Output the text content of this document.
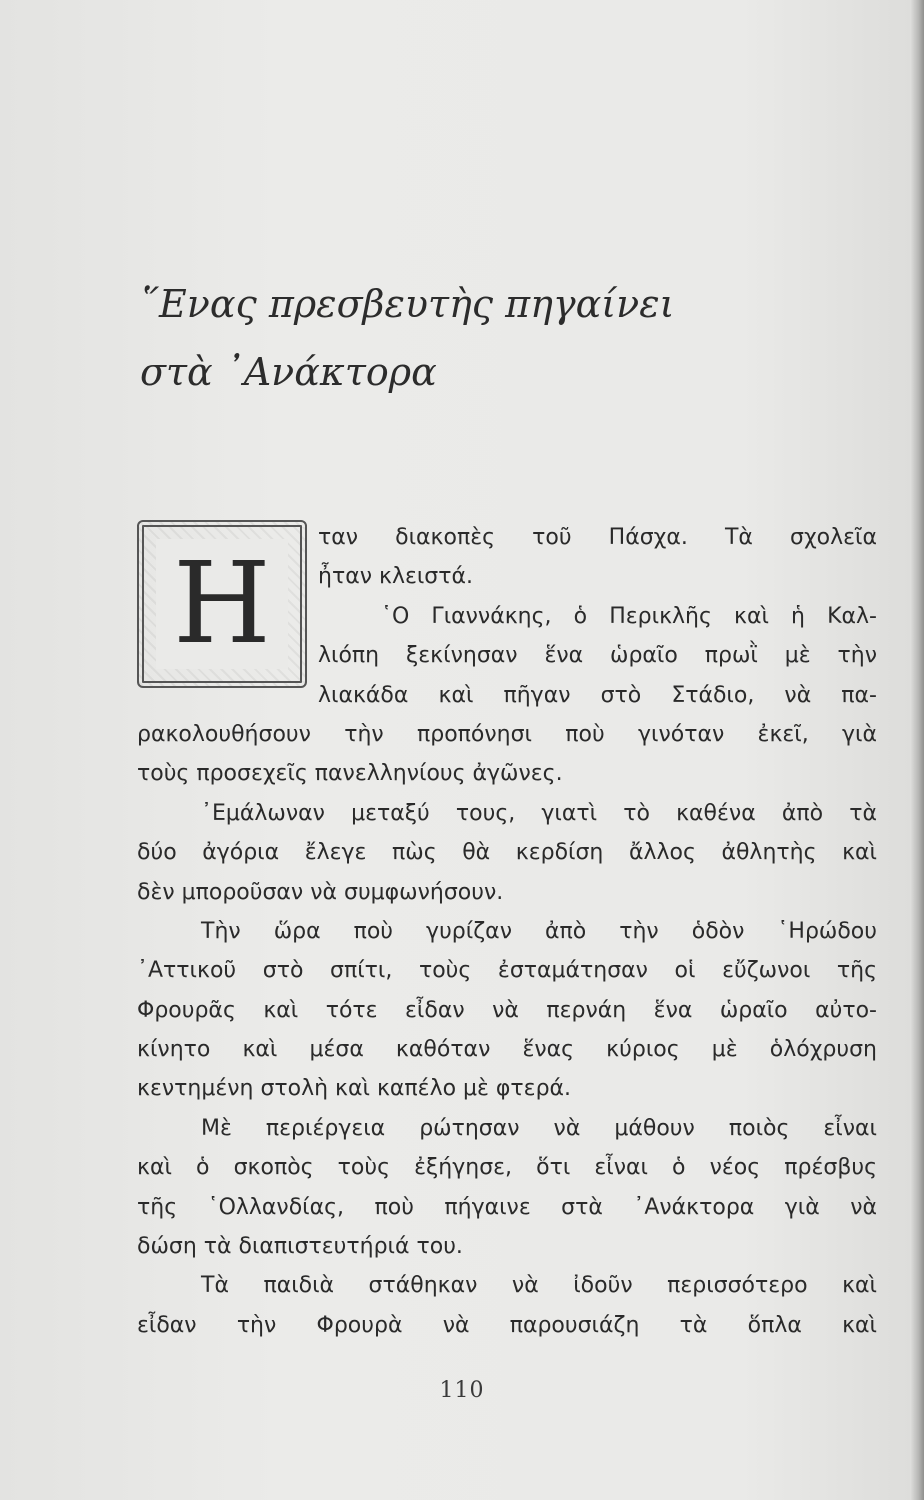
῞Ενας πρεσβευτὴς πηγαίνει
στὰ ᾿Ανάκτορα
Η
ταν διακοπὲς τοῦ Πάσχα. Τὰ σχολεῖα
ἦταν κλειστά.
῾Ο Γιαννάκης, ὁ Περικλῆς καὶ ἡ Καλ-
λιόπη ξεκίνησαν ἕνα ὡραῖο πρωῒ μὲ τὴν
λιακάδα καὶ πῆγαν στὸ Στάδιο, νὰ πα-
ρακολουθήσουν τὴν προπόνησι ποὺ γινόταν ἐκεῖ, γιὰ
τοὺς προσεχεῖς πανελληνίους ἀγῶνες.
᾿Εμάλωναν μεταξύ τους, γιατὶ τὸ καθένα ἀπὸ τὰ
δύο ἀγόρια ἔλεγε πὼς θὰ κερδίση ἄλλος ἀθλητὴς καὶ
δὲν μποροῦσαν νὰ συμφωνήσουν.
Τὴν ὥρα ποὺ γυρίζαν ἀπὸ τὴν ὁδὸν ῾Ηρώδου
᾿Αττικοῦ στὸ σπίτι, τοὺς ἐσταμάτησαν οἱ εὔζωνοι τῆς
Φρουρᾶς καὶ τότε εἶδαν νὰ περνάη ἕνα ὡραῖο αὐτο-
κίνητο καὶ μέσα καθόταν ἕνας κύριος μὲ ὁλόχρυση
κεντημένη στολὴ καὶ καπέλο μὲ φτερά.
Μὲ περιέργεια ρώτησαν νὰ μάθουν ποιὸς εἶναι
καὶ ὁ σκοπὸς τοὺς ἐξήγησε, ὅτι εἶναι ὁ νέος πρέσβυς
τῆς ῾Ολλανδίας, ποὺ πήγαινε στὰ ᾿Ανάκτορα γιὰ νὰ
δώση τὰ διαπιστευτήριά του.
Τὰ παιδιὰ στάθηκαν νὰ ἰδοῦν περισσότερο καὶ
εἶδαν τὴν Φρουρὰ νὰ παρουσιάζη τὰ ὅπλα καὶ
110
